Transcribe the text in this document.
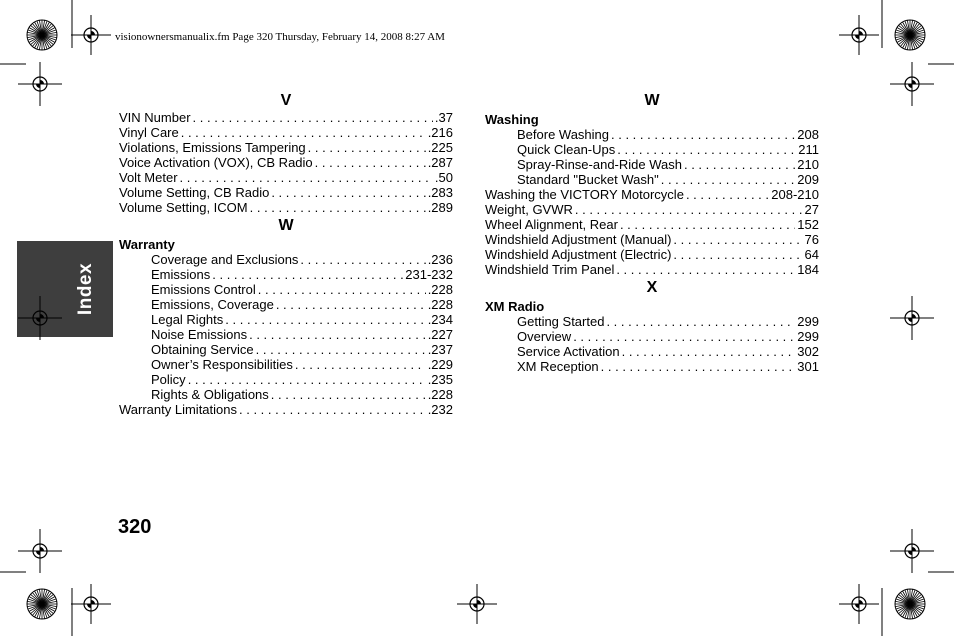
visionownersmanualix.fm Page 320 Thursday, February 14, 2008 8:27 AM
Index
V
VIN Number . . .	.37
Vinyl Care . . .	.216
Violations, Emissions Tampering . . .	.225
Voice Activation (VOX), CB Radio . . .	.287
Volt Meter . . .	.50
Volume Setting, CB Radio . . .	.283
Volume Setting, ICOM . . .	.289
W
Warranty
Coverage and Exclusions . . .	.236
Emissions . . .	231-232
Emissions Control . . .	.228
Emissions, Coverage . . .	.228
Legal Rights . . .	.234
Noise Emissions . . .	.227
Obtaining Service . . .	.237
Owner’s Responsibilities . . .	.229
Policy . . .	.235
Rights & Obligations . . .	.228
Warranty Limitations . . .	.232
W
Washing
Before Washing . . .	208
Quick Clean-Ups . . .	211
Spray-Rinse-and-Ride Wash . . .	210
Standard "Bucket Wash" . . .	209
Washing the VICTORY Motorcycle . . .	208-210
Weight, GVWR . . .	27
Wheel Alignment, Rear . . .	152
Windshield Adjustment (Manual) . . .	76
Windshield Adjustment (Electric) . . .	64
Windshield Trim Panel . . .	184
X
XM Radio
Getting Started . . .	299
Overview . . .	299
Service Activation . . .	302
XM Reception . . .	301
320
